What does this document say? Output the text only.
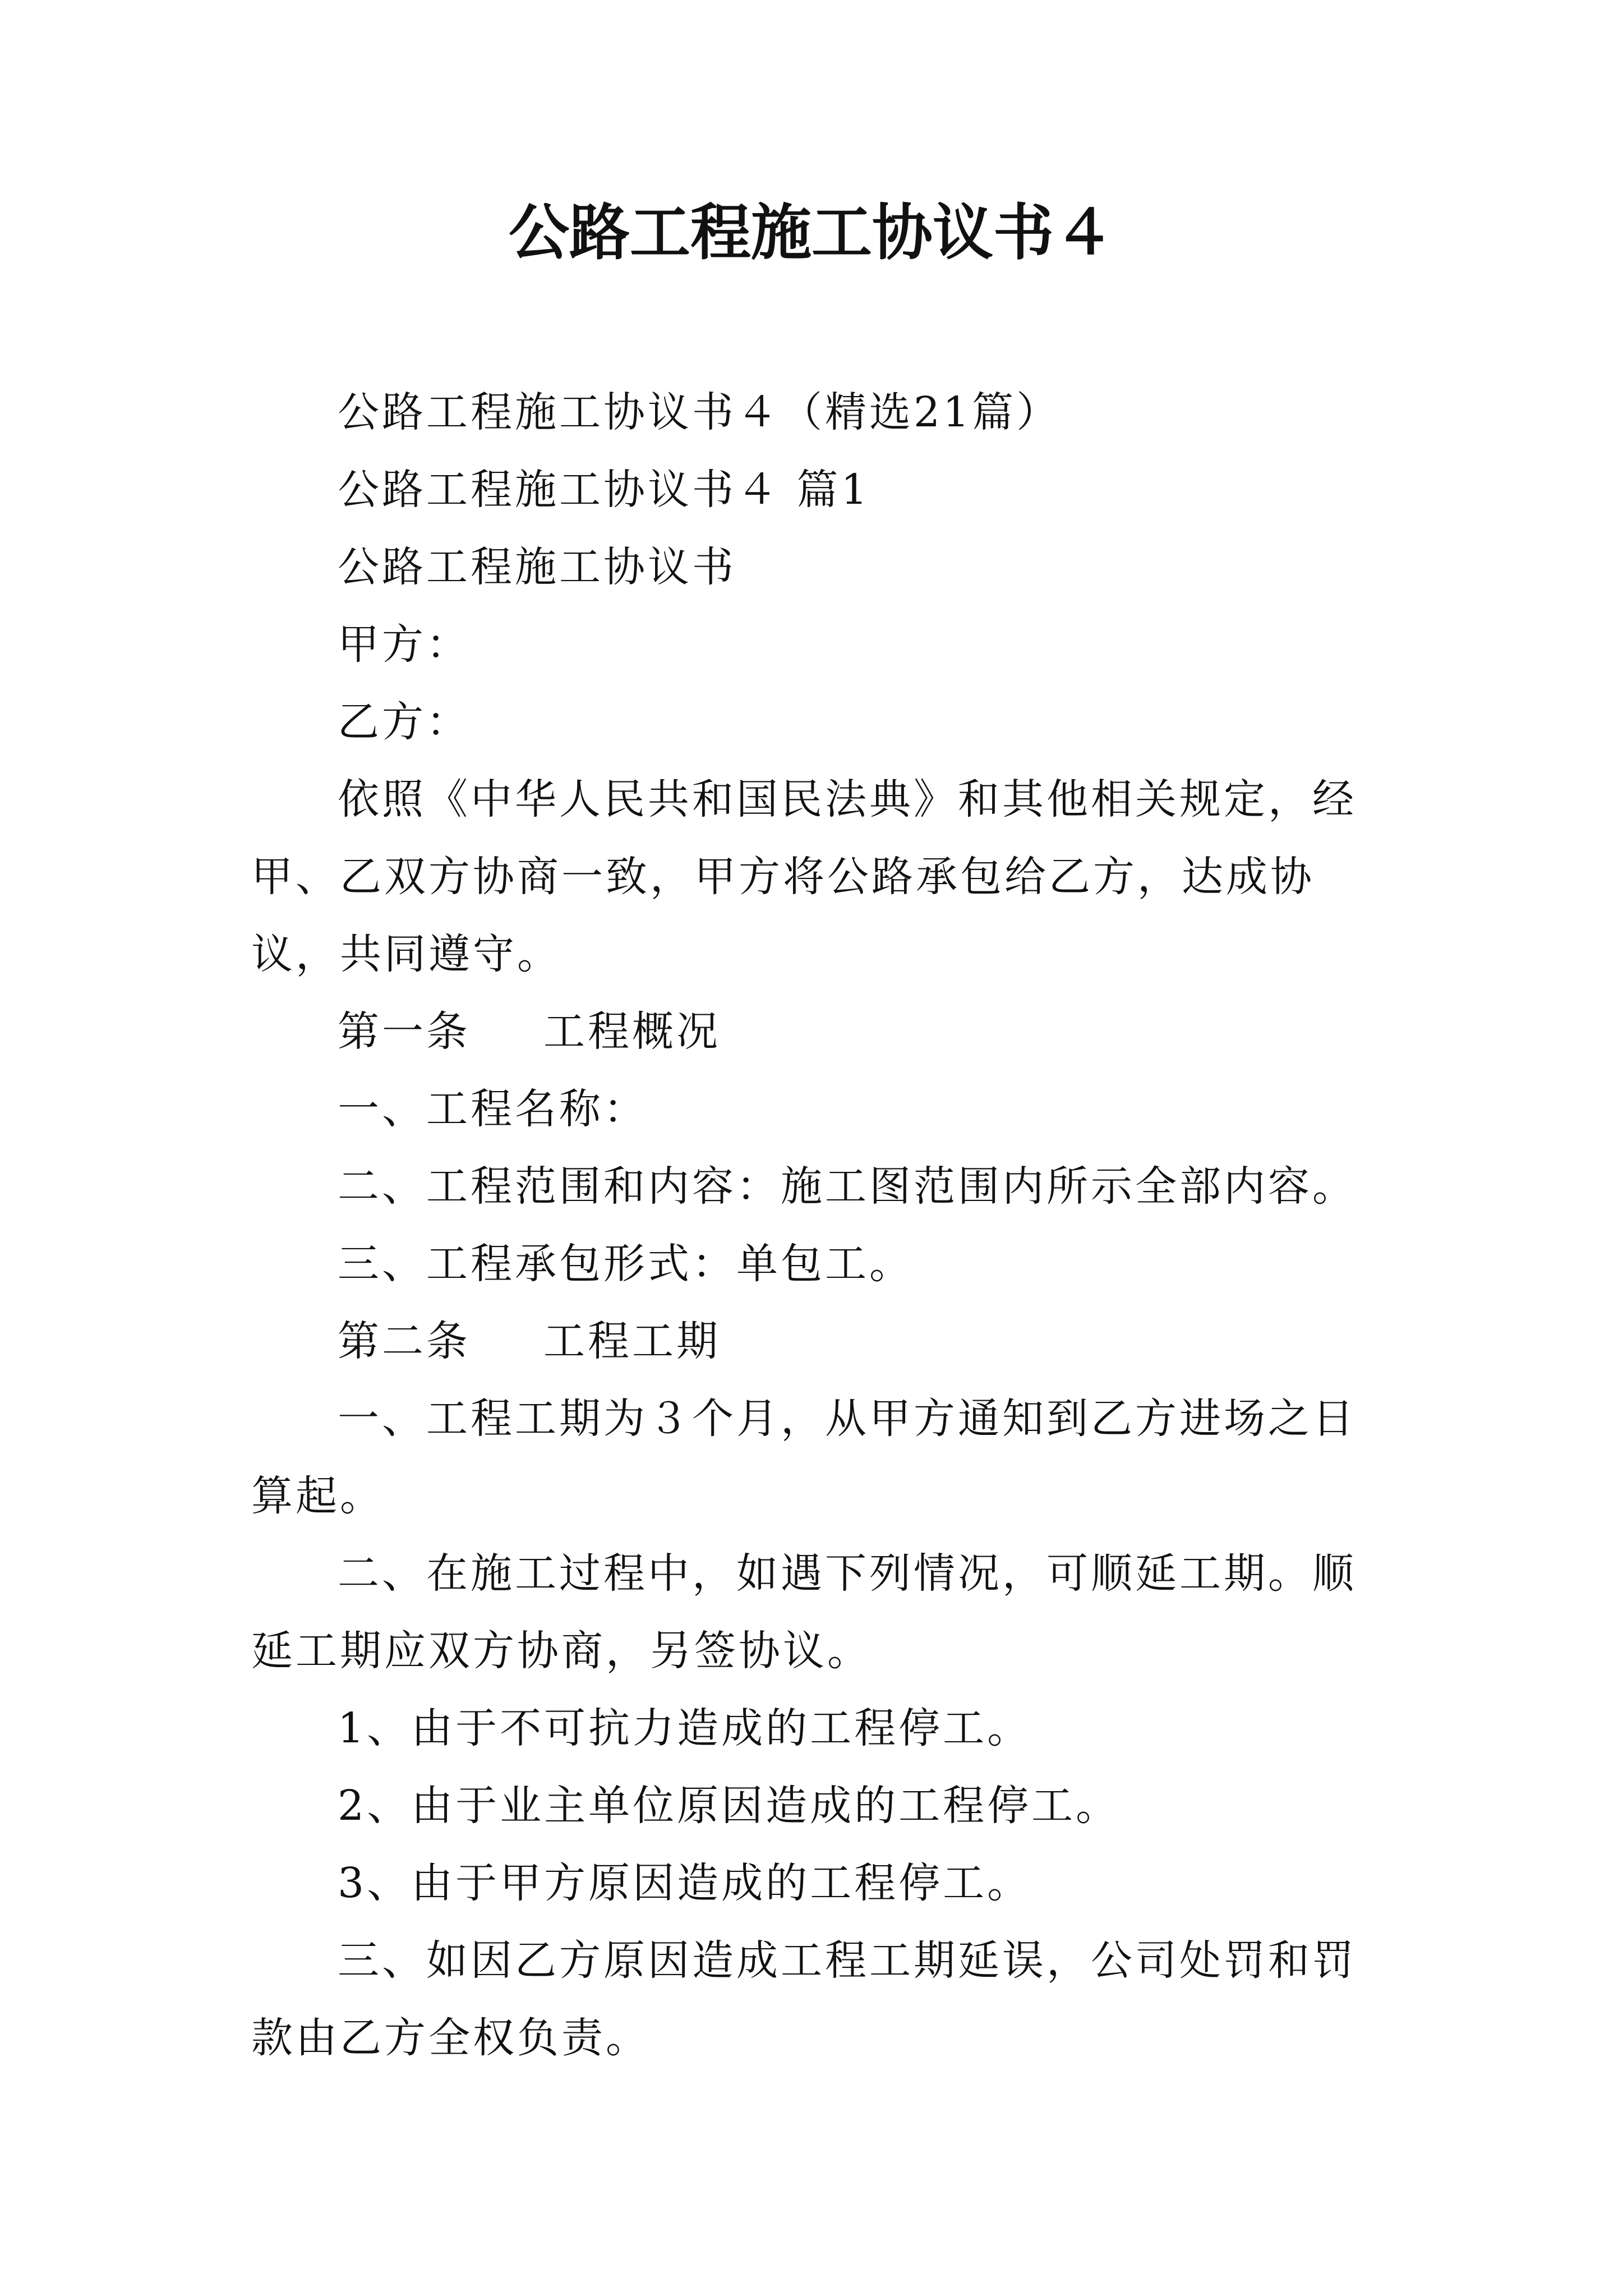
公路工程施工协议书４

公路工程施工协议书４（精选21篇）

公路工程施工协议书４ 篇1

公路工程施工协议书

甲方：

乙方：

依照《中华人民共和国民法典》和其他相关规定，经甲、乙双方协商一致，甲方将公路承包给乙方，达成协议，共同遵守。

第一条 工程概况

一、工程名称：

二、工程范围和内容：施工图范围内所示全部内容。

三、工程承包形式：单包工。

第二条 工程工期

一、工程工期为３个月，从甲方通知到乙方进场之日算起。

二、在施工过程中，如遇下列情况，可顺延工期。顺延工期应双方协商，另签协议。

1、由于不可抗力造成的工程停工。

2、由于业主单位原因造成的工程停工。

3、由于甲方原因造成的工程停工。

三、如因乙方原因造成工程工期延误，公司处罚和罚款由乙方全权负责。
